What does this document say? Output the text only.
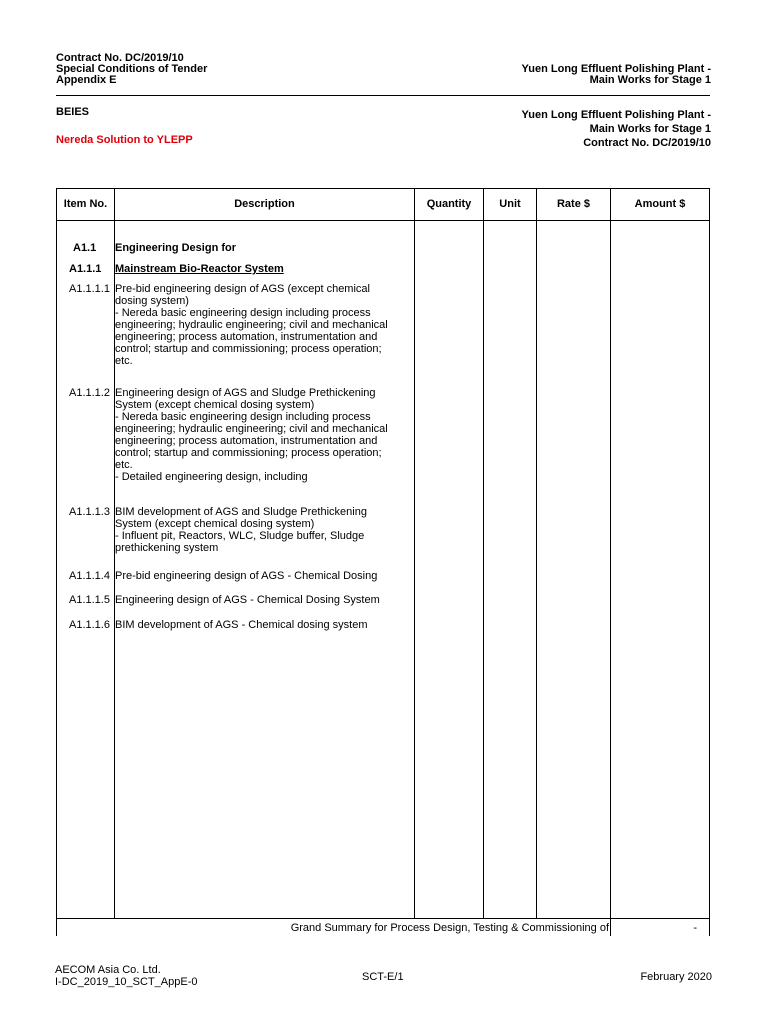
Contract No. DC/2019/10
Special Conditions of Tender
Appendix E
Yuen Long Effluent Polishing Plant -
Main Works for Stage 1
BEIES
Nereda Solution to YLEPP
Yuen Long Effluent Polishing Plant -
Main Works for Stage 1
Contract No. DC/2019/10
Item No.	Description	Quantity	Unit	Rate $	Amount $
A1.1 Engineering Design for
A1.1.1 Mainstream Bio-Reactor System
A1.1.1.1 Pre-bid engineering design of AGS (except chemical
dosing system)
- Nereda basic engineering design including process
engineering; hydraulic engineering; civil and mechanical
engineering; process automation, instrumentation and
control; startup and commissioning; process operation;
etc.
A1.1.1.2 Engineering design of AGS and Sludge Prethickening
System (except chemical dosing system)
- Nereda basic engineering design including process
engineering; hydraulic engineering; civil and mechanical
engineering; process automation, instrumentation and
control; startup and commissioning; process operation;
etc.
- Detailed engineering design, including
A1.1.1.3 BIM development of AGS and Sludge Prethickening
System (except chemical dosing system)
- Influent pit, Reactors, WLC, Sludge buffer, Sludge
prethickening system
A1.1.1.4 Pre-bid engineering design of AGS - Chemical Dosing
A1.1.1.5 Engineering design of AGS - Chemical Dosing System
A1.1.1.6 BIM development of AGS - Chemical dosing system
Grand Summary for Process Design, Testing & Commissioning of	-
AECOM Asia Co. Ltd.
I-DC_2019_10_SCT_AppE-0	SCT-E/1	February 2020
